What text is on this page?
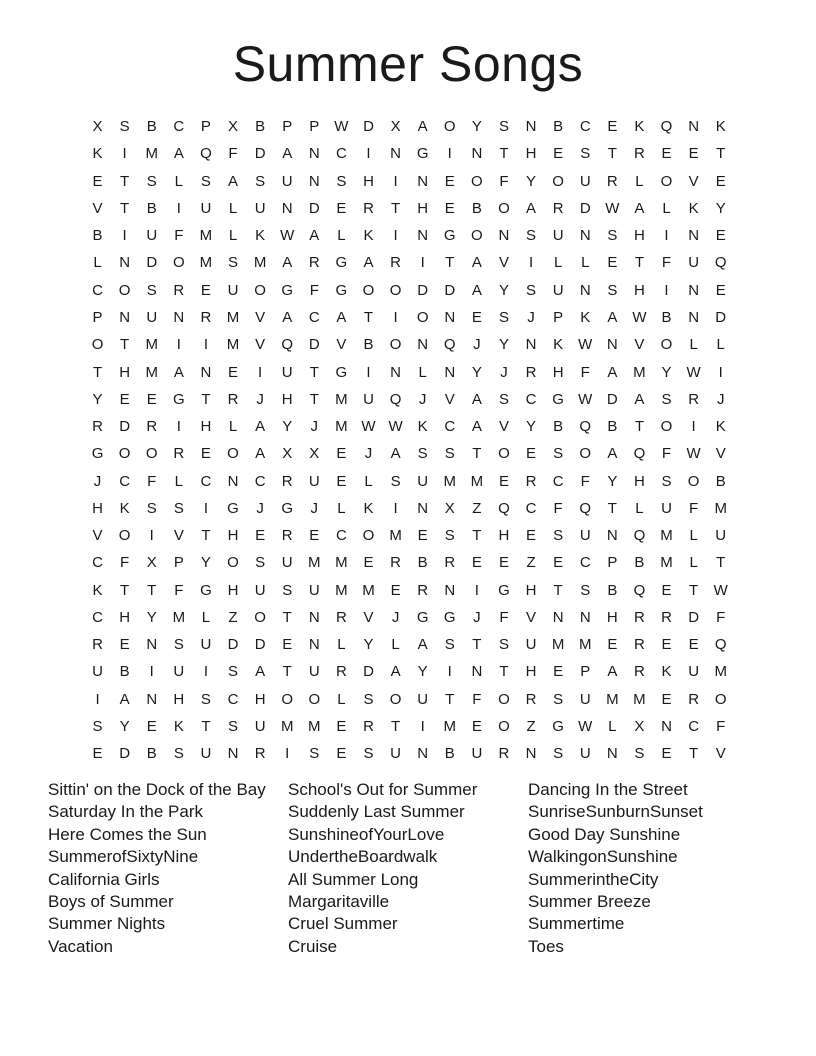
Summer Songs
X	S	B	C	P	X	B	P	P	W D	X	A	O	Y	S	N	B	C	E	K	Q	N	K
K	I	M	A	Q	F	D	A	N	C	I	N	G	I	N	T	H	E	S	T	R	E	E	T
E	T	S	L	S	A	S	U	N	S	H	I	N	E	O	F	Y	O	U	R	L	O	V	E
V	T	B	I	U	L	U	N	D	E	R	T	H	E	B	O	A	R	D W	A	L	K	Y
B	I	U	F	M	L	K	W	A	L	K	I	N	G	O	N	S	U	N	S	H	I	N	E
L	N	D	O	M	S	M	A	R	G	A	R	I	T	A	V	I	L	L	E	T	F	U	Q
C	O	S	R	E	U	O	G	F	G	O	O	D	D	A	Y	S	U	N	S	H	I	N	E
P	N	U	N	R	M	V	A	C	A	T	I	O	N	E	S	J	P	K	A	W	B	N	D
O	T	M	I	I	M	V	Q	D	V	B	O	N	Q	J	Y	N	K	W N	V	O	L	L
T	H	M	A	N	E	I	U	T	G	I	N	L	N	Y	J	R	H	F	A	M	Y	W	I
Y	E	E	G	T	R	J	H	T	M	U	Q	J	V	A	S	C	G W D	A	S	R	J
R	D	R	I	H	L	A	Y	J	M W W	K	C	A	V	Y	B	Q	B	T	O	I	K
G	O	O	R	E	O	A	X	X	E	J	A	S	S	T	O	E	S	O	A	Q	F	W	V
J	C	F	L	C	N	C	R	U	E	L	S	U	M M	E	R	C	F	Y	H	S	O	B
H	K	S	S	I	G	J	G	J	L	K	I	N	X	Z	Q	C	F	Q	T	L	U	F	M
V	O	I	V	T	H	E	R	E	C	O	M	E	S	T	H	E	S	U	N	Q	M	L	U
C	F	X	P	Y	O	S	U	M M	E	R	B	R	E	E	Z	E	C	P	B	M	L	T
K	T	T	F	G	H	U	S	U	M M	E	R	N	I	G	H	T	S	B	Q	E	T	W
C	H	Y	M	L	Z	O	T	N	R	V	J	G	G	J	F	V	N	N	H	R	R	D	F
R	E	N	S	U	D	D	E	N	L	Y	L	A	S	T	S	U	M M	E	R	E	E	Q
U	B	I	U	I	S	A	T	U	R	D	A	Y	I	N	T	H	E	P	A	R	K	U	M
I	A	N	H	S	C	H	O	O	L	S	O	U	T	F	O	R	S	U	M M	E	R	O
S	Y	E	K	T	S	U	M M	E	R	T	I	M	E	O	Z	G W	L	X	N	C	F
E	D	B	S	U	N	R	I	S	E	S	U	N	B	U	R	N	S	U	N	S	E	T	V
Sittin' on the Dock of the Bay	School's Out for Summer	Dancing In the Street
Saturday In the Park	Suddenly Last Summer	SunriseSunburnSunset
Here Comes the Sun	SunshineofYourLove	Good Day Sunshine
SummerofSixtyNine	UndertheBoardwalk	WalkingonSunshine
California Girls	All Summer Long	SummerintheCity
Boys of Summer	Margaritaville	Summer Breeze
Summer Nights	Cruel Summer	Summertime
Vacation	Cruise	Toes
